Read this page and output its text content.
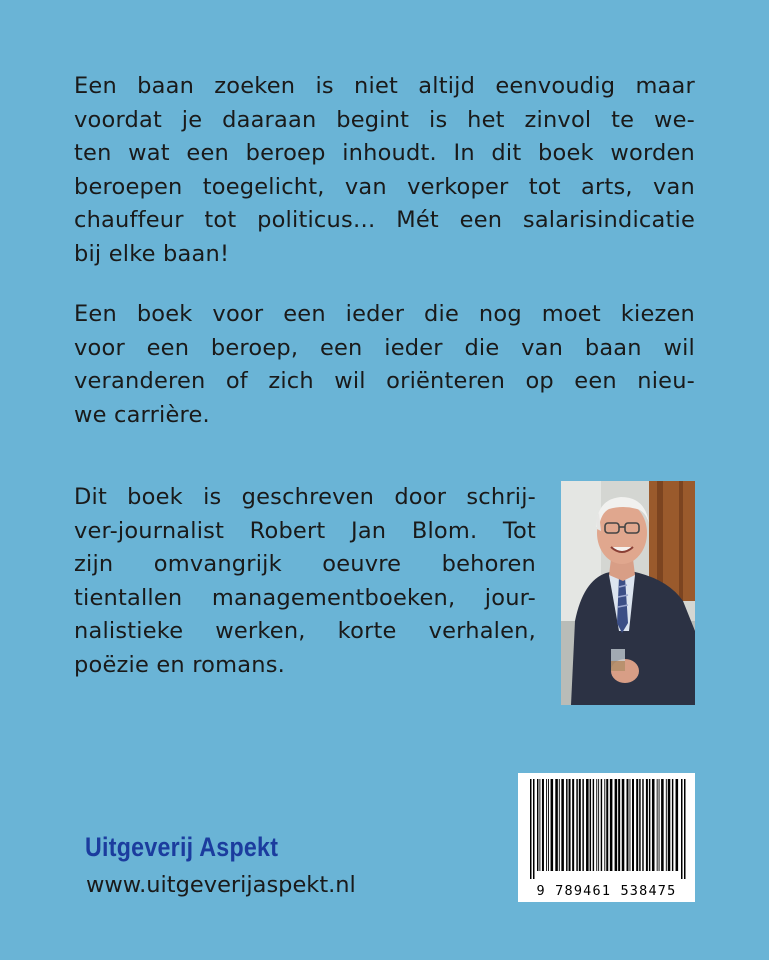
Een baan zoeken is niet altijd eenvoudig maar
voordat je daaraan begint is het zinvol te we-
ten wat een beroep inhoudt. In dit boek worden
beroepen toegelicht, van verkoper tot arts, van
chauffeur tot politicus… Mét een salarisindicatie
bij elke baan!
Een boek voor een ieder die nog moet kiezen
voor een beroep, een ieder die van baan wil
veranderen of zich wil oriënteren op een nieu-
we carrière.
Dit boek is geschreven door schrij-
ver-journalist Robert Jan Blom. Tot
zijn omvangrijk oeuvre behoren
tientallen managementboeken, jour-
nalistieke werken, korte verhalen,
poëzie en romans.
9 789461 538475
Uitgeverij Aspekt
www.uitgeverijaspekt.nl
